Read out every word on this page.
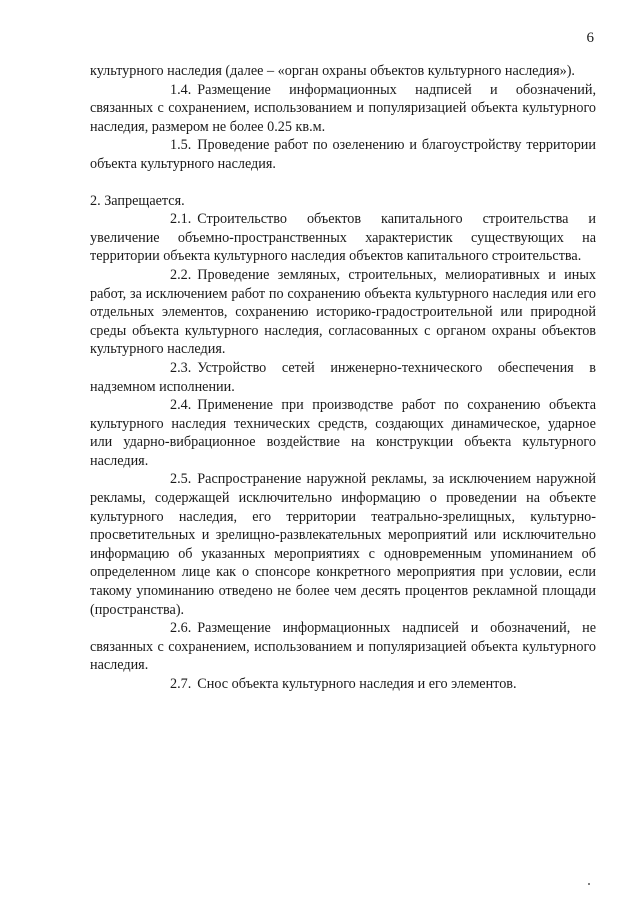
6

культурного наследия (далее – «орган охраны объектов культурного наследия»).

1.4. Размещение информационных надписей и обозначений, связанных с сохранением, использованием и популяризацией объекта культурного наследия, размером не более 0.25 кв.м.

1.5. Проведение работ по озеленению и благоустройству территории объекта культурного наследия.

2. Запрещается.

2.1. Строительство объектов капитального строительства и увеличение объемно-пространственных характеристик существующих на территории объекта культурного наследия объектов капитального строительства.

2.2. Проведение земляных, строительных, мелиоративных и иных работ, за исключением работ по сохранению объекта культурного наследия или его отдельных элементов, сохранению историко-градостроительной или природной среды объекта культурного наследия, согласованных с органом охраны объектов культурного наследия.

2.3. Устройство сетей инженерно-технического обеспечения в надземном исполнении.

2.4. Применение при производстве работ по сохранению объекта культурного наследия технических средств, создающих динамическое, ударное или ударно-вибрационное воздействие на конструкции объекта культурного наследия.

2.5. Распространение наружной рекламы, за исключением наружной рекламы, содержащей исключительно информацию о проведении на объекте культурного наследия, его территории театрально-зрелищных, культурно-просветительных и зрелищно-развлекательных мероприятий или исключительно информацию об указанных мероприятиях с одновременным упоминанием об определенном лице как о спонсоре конкретного мероприятия при условии, если такому упоминанию отведено не более чем десять процентов рекламной площади (пространства).

2.6. Размещение информационных надписей и обозначений, не связанных с сохранением, использованием и популяризацией объекта культурного наследия.

2.7. Снос объекта культурного наследия и его элементов.
